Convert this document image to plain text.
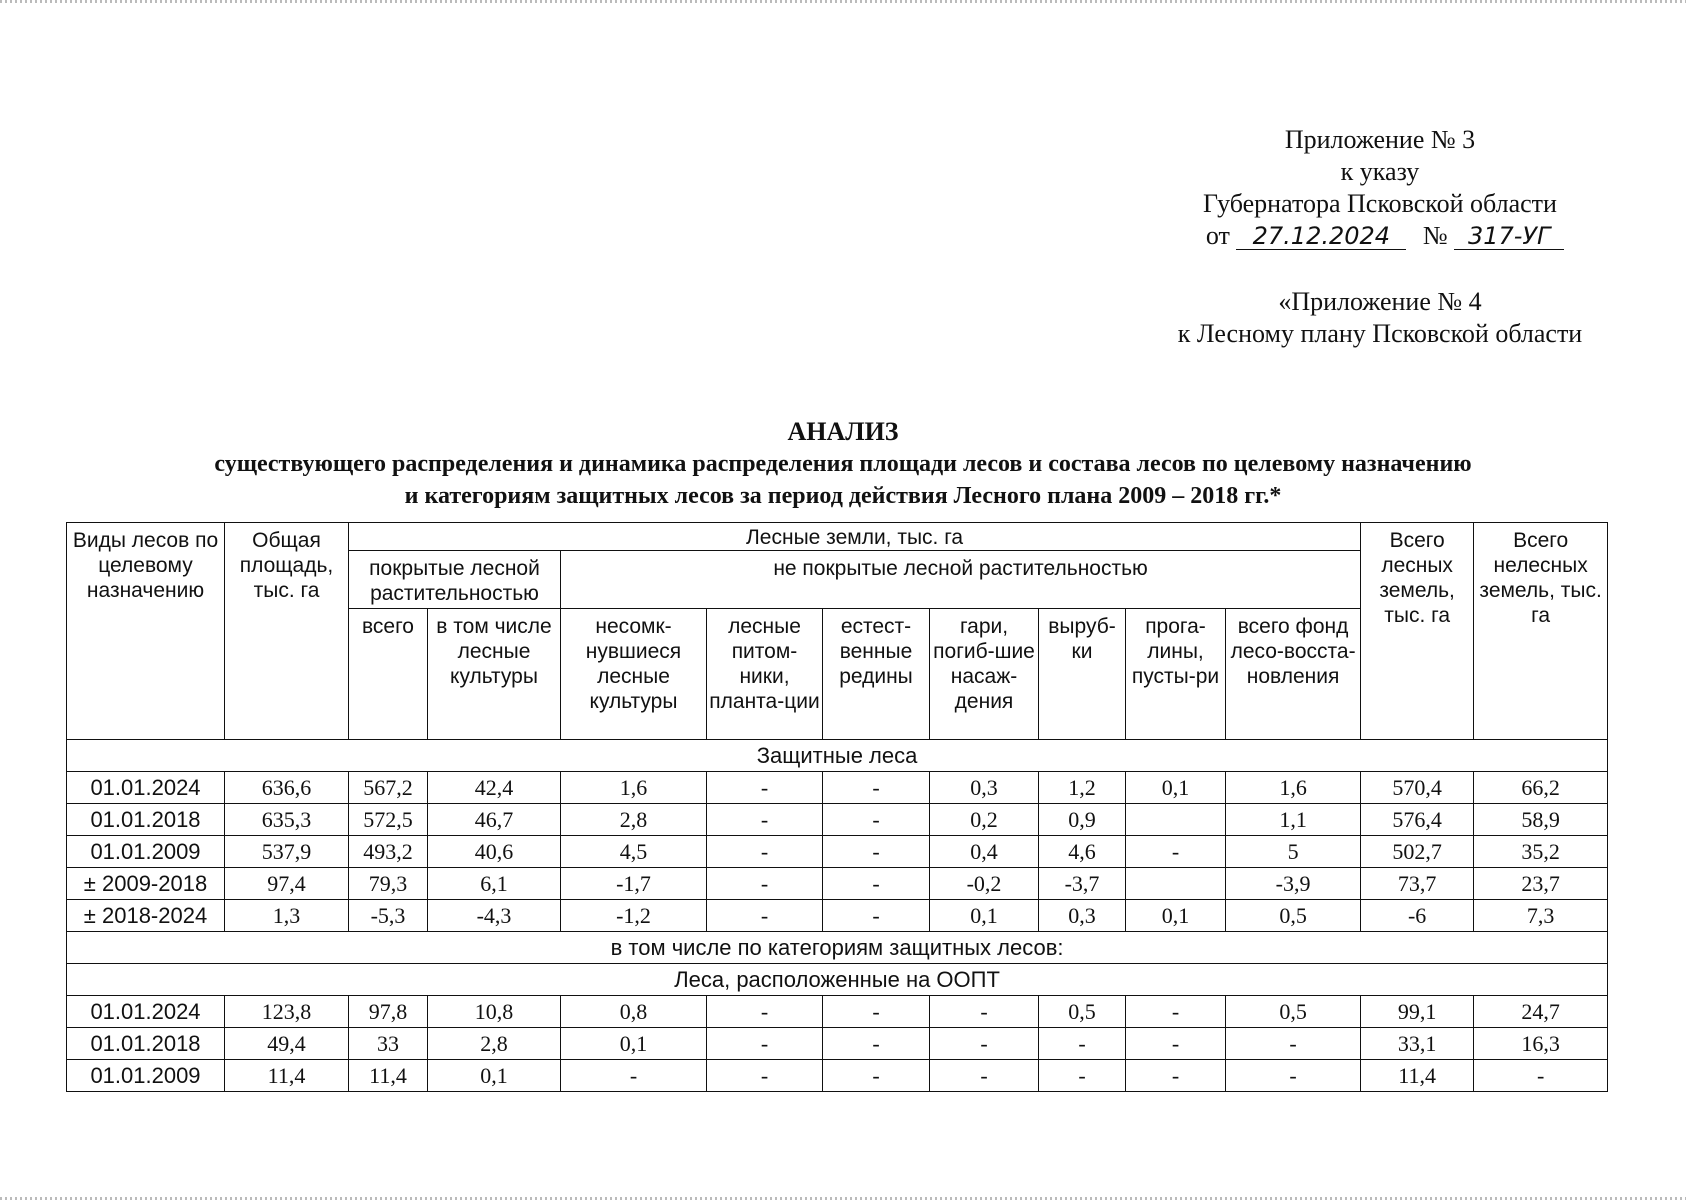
Приложение № 3
к указу
Губернатора Псковской области
от 27.12.2024 № 317-УГ
«Приложение № 4
к Лесному плану Псковской области
АНАЛИЗ
существующего распределения и динамика распределения площади лесов и состава лесов по целевому назначению
и категориям защитных лесов за период действия Лесного плана 2009 – 2018 гг.*
Виды лесов по целевому назначению	Общая площадь, тыс. га	Лесные земли, тыс. га									Всего лесных земель, тыс. га	Всего нелесных земель, тыс. га
		покрытые лесной растительностью		не покрытые лесной растительностью								
		всего	в том числе лесные культуры	несомк-нувшиеся лесные культуры	лесные питом-ники, планта-ции	естест-венные редины	гари, погиб-шие насаж-дения	выруб-ки	прога-лины, пусты-ри	всего фонд лесо-восста-новления		
Защитные леса												
01.01.2024	636,6	567,2	42,4	1,6	-	-	0,3	1,2	0,1	1,6	570,4	66,2
01.01.2018	635,3	572,5	46,7	2,8	-	-	0,2	0,9		1,1	576,4	58,9
01.01.2009	537,9	493,2	40,6	4,5	-	-	0,4	4,6	-	5	502,7	35,2
± 2009-2018	97,4	79,3	6,1	-1,7	-	-	-0,2	-3,7		-3,9	73,7	23,7
± 2018-2024	1,3	-5,3	-4,3	-1,2	-	-	0,1	0,3	0,1	0,5	-6	7,3
в том числе по категориям защитных лесов:												
Леса, расположенные на ООПТ												
01.01.2024	123,8	97,8	10,8	0,8	-	-	-	0,5	-	0,5	99,1	24,7
01.01.2018	49,4	33	2,8	0,1	-	-	-	-	-	-	33,1	16,3
01.01.2009	11,4	11,4	0,1	-	-	-	-	-	-	-	11,4	-
